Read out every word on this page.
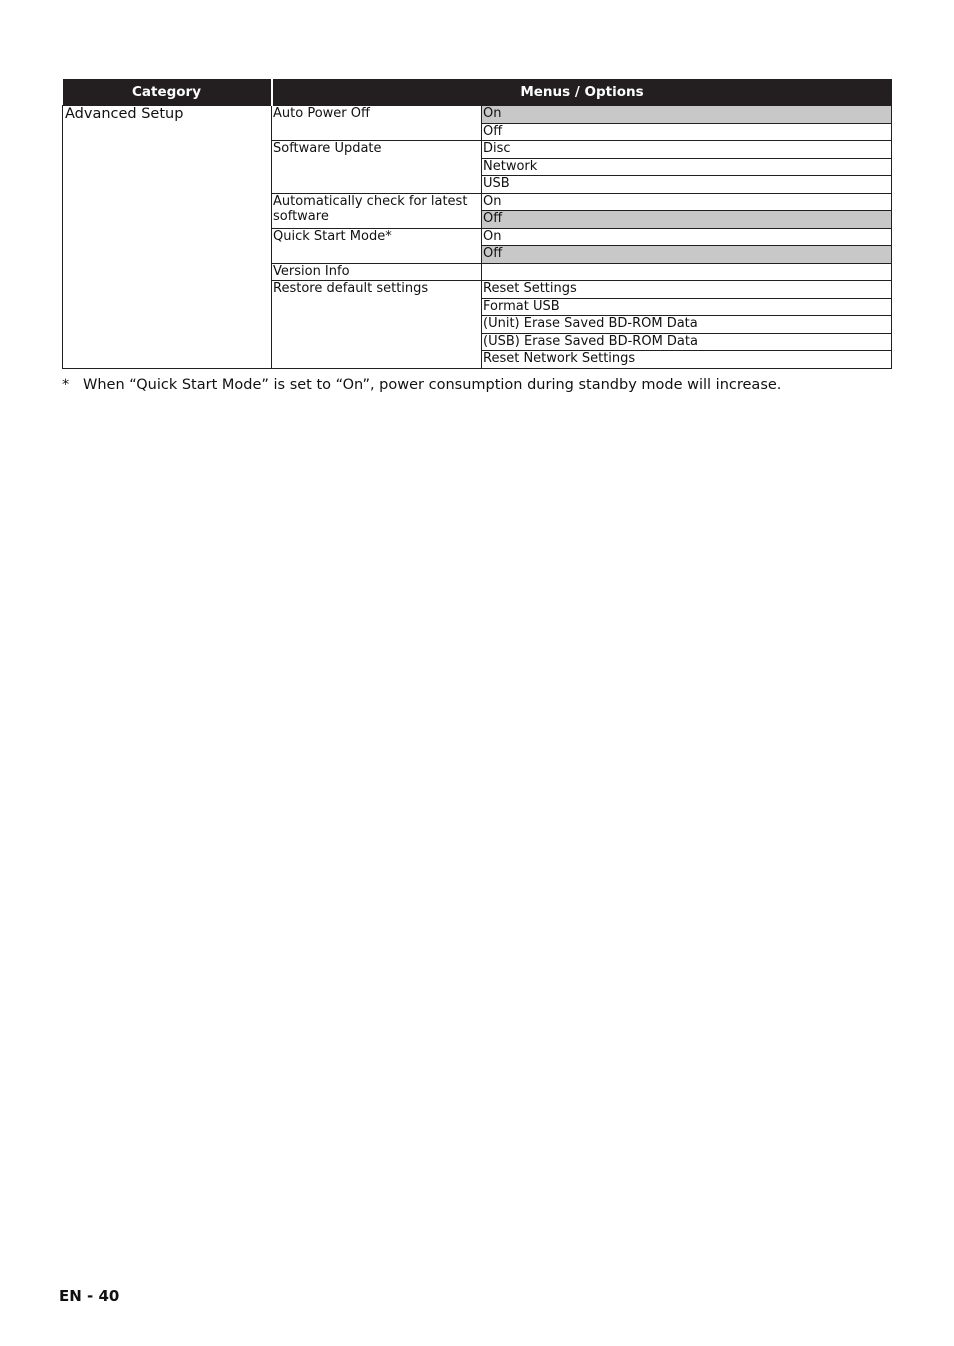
Category	Menus / Options	
Advanced Setup	Auto Power Off	On
		Off
	Software Update	Disc
		Network
		USB
	Automatically check for latest software	On
		Off
	Quick Start Mode*	On
		Off
	Version Info	
	Restore default settings	Reset Settings
		Format USB
		(Unit) Erase Saved BD-ROM Data
		(USB) Erase Saved BD-ROM Data
		Reset Network Settings
* When “Quick Start Mode” is set to “On”, power consumption during standby mode will increase.
EN - 40
